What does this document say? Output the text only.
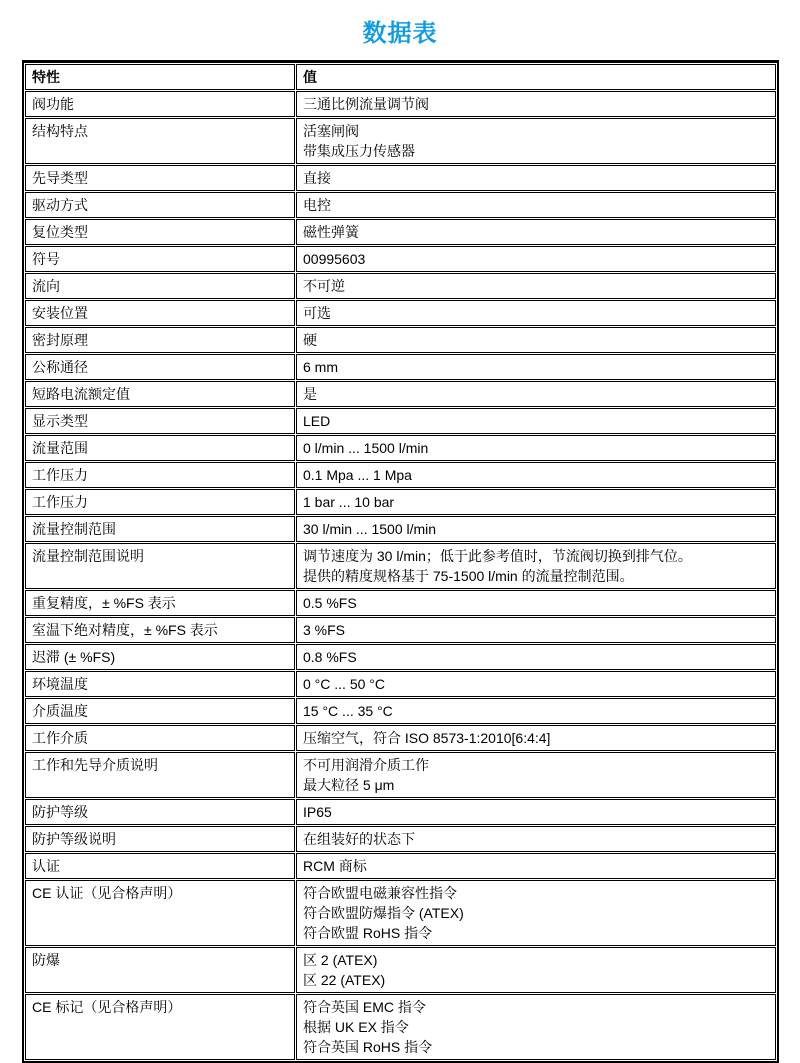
数据表
特性	值
阀功能	三通比例流量调节阀

结构特点	活塞闸阀
带集成压力传感器

先导类型	直接

驱动方式	电控

复位类型	磁性弹簧

符号	00995603

流向	不可逆

安装位置	可选

密封原理	硬

公称通径	6 mm

短路电流额定值	是

显示类型	LED

流量范围	0 l/min ... 1500 l/min

工作压力	0.1 Mpa ... 1 Mpa

工作压力	1 bar ... 10 bar

流量控制范围	30 l/min ... 1500 l/min

流量控制范围说明	调节速度为 30 l/min；低于此参考值时，节流阀切换到排气位。
提供的精度规格基于 75-1500 l/min 的流量控制范围。

重复精度，± %FS 表示	0.5 %FS

室温下绝对精度，± %FS 表示	3 %FS

迟滞 (± %FS)	0.8 %FS

环境温度	0 °C ... 50 °C

介质温度	15 °C ... 35 °C

工作介质	压缩空气，符合 ISO 8573-1:2010[6:4:4]

工作和先导介质说明	不可用润滑介质工作
最大粒径 5 μm

防护等级	IP65

防护等级说明	在组装好的状态下

认证	RCM 商标

CE 认证（见合格声明）	符合欧盟电磁兼容性指令
符合欧盟防爆指令 (ATEX)
符合欧盟 RoHS 指令

防爆	区 2 (ATEX)
区 22 (ATEX)

CE 标记（见合格声明）	符合英国 EMC 指令
根据 UK EX 指令
符合英国 RoHS 指令
